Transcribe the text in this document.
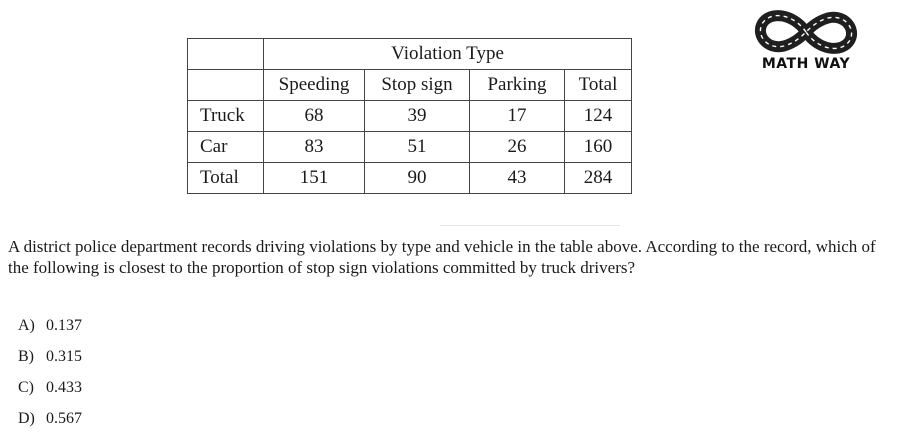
	Violation Type			
	Speeding	Stop sign	Parking	Total
Truck	68	39	17	124
Car	83	51	26	160
Total	151	90	43	284
MATH WAY

A district police department records driving violations by type and vehicle in the table above. According to the record, which of the following is closest to the proportion of stop sign violations committed by truck drivers?

A) 0.137
B) 0.315
C) 0.433
D) 0.567
